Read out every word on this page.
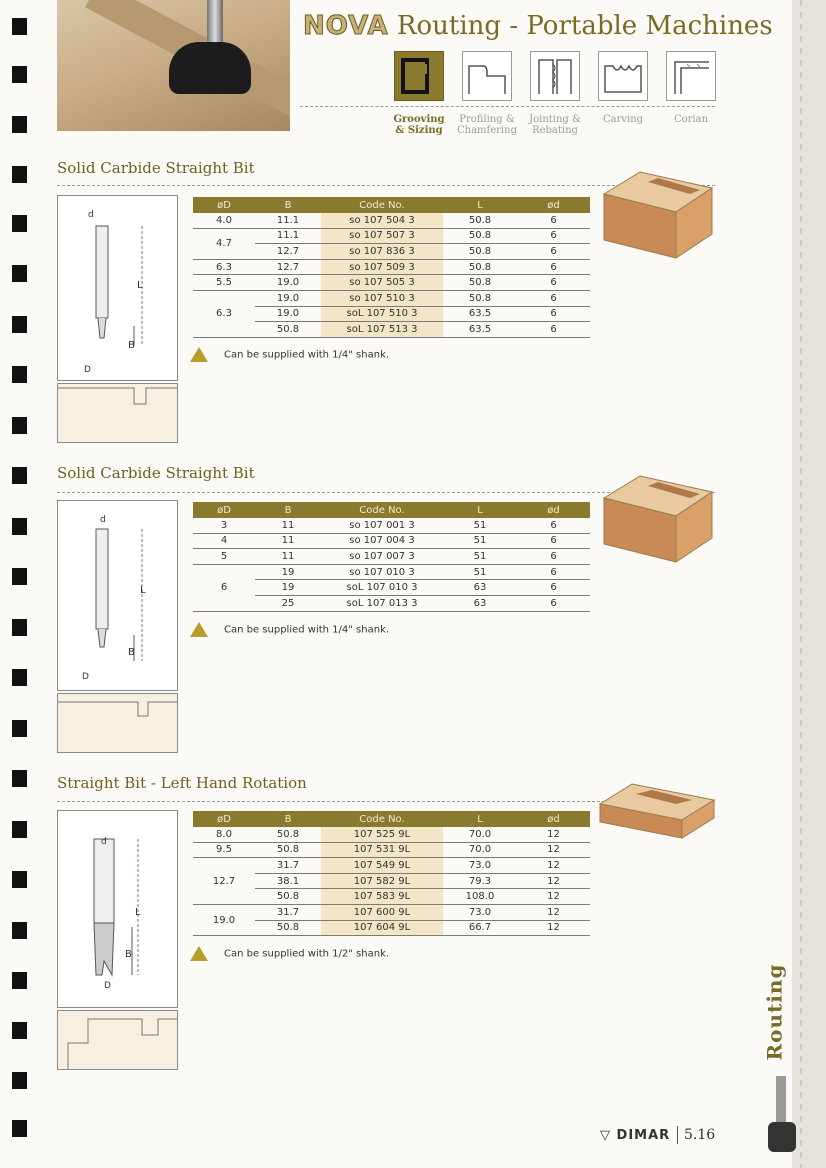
NOVA Routing - Portable Machines
Grooving
& Sizing
Profiling &
Chamfering
Jointing &
Rebating
Carving	Corian
Solid Carbide Straight Bit
d
L
B
D
øD	B	Code No.	L	ød
4.0	11.1	so 107 504 3	50.8	6
4.7	11.1	so 107 507 3	50.8	6
	12.7	so 107 836 3	50.8	6
6.3	12.7	so 107 509 3	50.8	6
5.5	19.0	so 107 505 3	50.8	6
6.3	19.0	so 107 510 3	50.8	6
	19.0	soL 107 510 3	63.5	6
	50.8	soL 107 513 3	63.5	6
Can be supplied with 1/4" shank.
Solid Carbide Straight Bit
d
L
B
D
øD	B	Code No.	L	ød
3	11	so 107 001 3	51	6
4	11	so 107 004 3	51	6
5	11	so 107 007 3	51	6
6	19	so 107 010 3	51	6
	19	soL 107 010 3	63	6
	25	soL 107 013 3	63	6
Can be supplied with 1/4" shank.
Straight Bit - Left Hand Rotation
d
L
B
D
øD	B	Code No.	L	ød
8.0	50.8	107 525 9L	70.0	12
9.5	50.8	107 531 9L	70.0	12
12.7	31.7	107 549 9L	73.0	12
	38.1	107 582 9L	79.3	12
	50.8	107 583 9L	108.0	12
19.0	31.7	107 600 9L	73.0	12
	50.8	107 604 9L	66.7	12
Can be supplied with 1/2" shank.
Routing
▽ DIMAR 5.16
